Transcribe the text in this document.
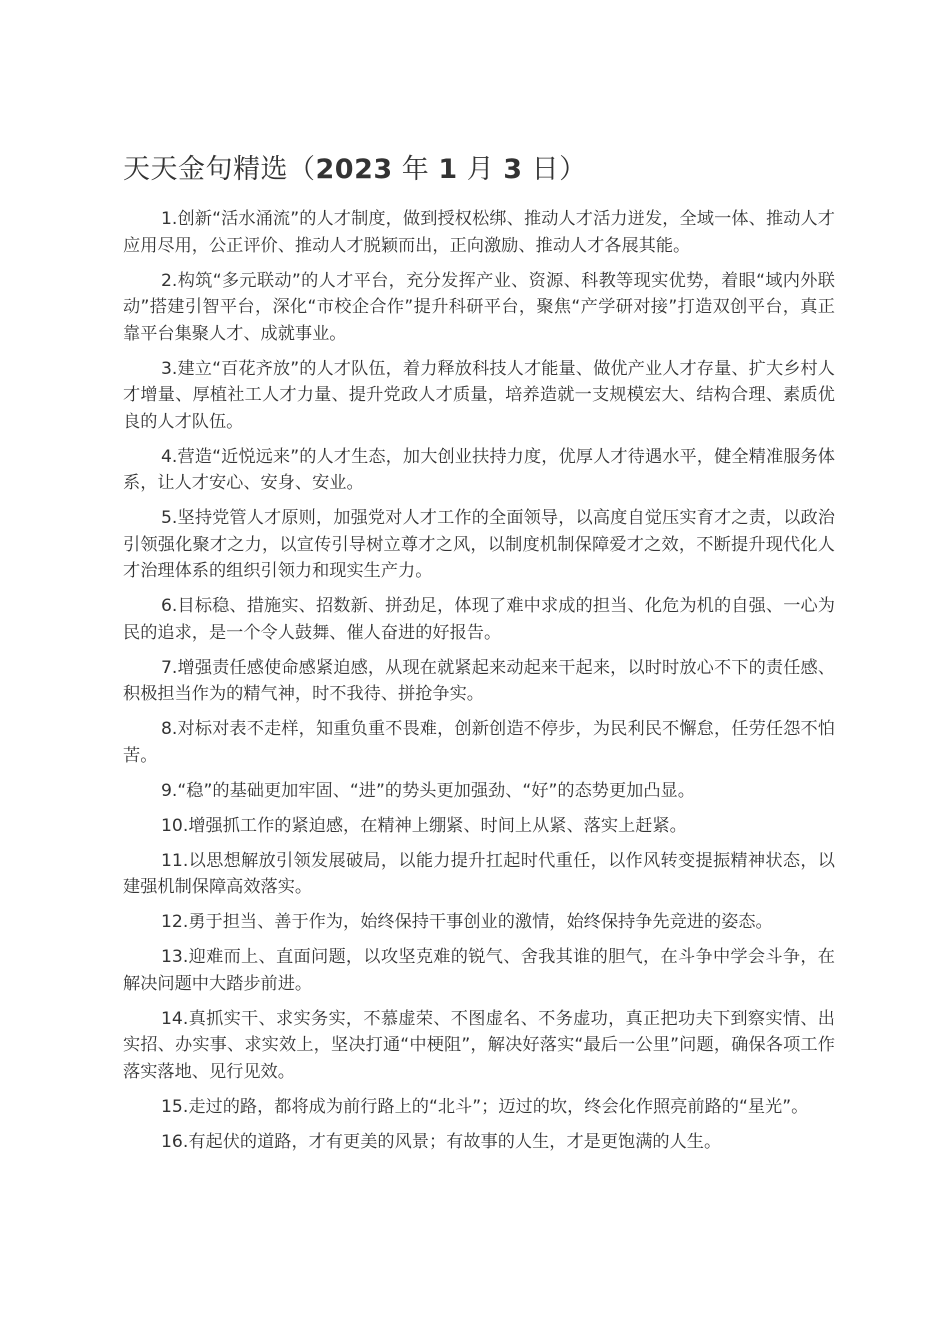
天天金句精选（2023 年 1 月 3 日）

1.创新“活水涌流”的人才制度，做到授权松绑、推动人才活力迸发，全域一体、推动人才应用尽用，公正评价、推动人才脱颖而出，正向激励、推动人才各展其能。

2.构筑“多元联动”的人才平台，充分发挥产业、资源、科教等现实优势，着眼“域内外联动”搭建引智平台，深化“市校企合作”提升科研平台，聚焦“产学研对接”打造双创平台，真正靠平台集聚人才、成就事业。

3.建立“百花齐放”的人才队伍，着力释放科技人才能量、做优产业人才存量、扩大乡村人才增量、厚植社工人才力量、提升党政人才质量，培养造就一支规模宏大、结构合理、素质优良的人才队伍。

4.营造“近悦远来”的人才生态，加大创业扶持力度，优厚人才待遇水平，健全精准服务体系，让人才安心、安身、安业。

5.坚持党管人才原则，加强党对人才工作的全面领导，以高度自觉压实育才之责，以政治引领强化聚才之力，以宣传引导树立尊才之风，以制度机制保障爱才之效，不断提升现代化人才治理体系的组织引领力和现实生产力。

6.目标稳、措施实、招数新、拼劲足，体现了难中求成的担当、化危为机的自强、一心为民的追求，是一个令人鼓舞、催人奋进的好报告。

7.增强责任感使命感紧迫感，从现在就紧起来动起来干起来，以时时放心不下的责任感、积极担当作为的精气神，时不我待、拼抢争实。

8.对标对表不走样，知重负重不畏难，创新创造不停步，为民利民不懈怠，任劳任怨不怕苦。

9.“稳”的基础更加牢固、“进”的势头更加强劲、“好”的态势更加凸显。

10.增强抓工作的紧迫感，在精神上绷紧、时间上从紧、落实上赶紧。

11.以思想解放引领发展破局，以能力提升扛起时代重任，以作风转变提振精神状态，以建强机制保障高效落实。

12.勇于担当、善于作为，始终保持干事创业的激情，始终保持争先竞进的姿态。

13.迎难而上、直面问题，以攻坚克难的锐气、舍我其谁的胆气，在斗争中学会斗争，在解决问题中大踏步前进。

14.真抓实干、求实务实，不慕虚荣、不图虚名、不务虚功，真正把功夫下到察实情、出实招、办实事、求实效上，坚决打通“中梗阻”，解决好落实“最后一公里”问题，确保各项工作落实落地、见行见效。

15.走过的路，都将成为前行路上的“北斗”；迈过的坎，终会化作照亮前路的“星光”。

16.有起伏的道路，才有更美的风景；有故事的人生，才是更饱满的人生。
